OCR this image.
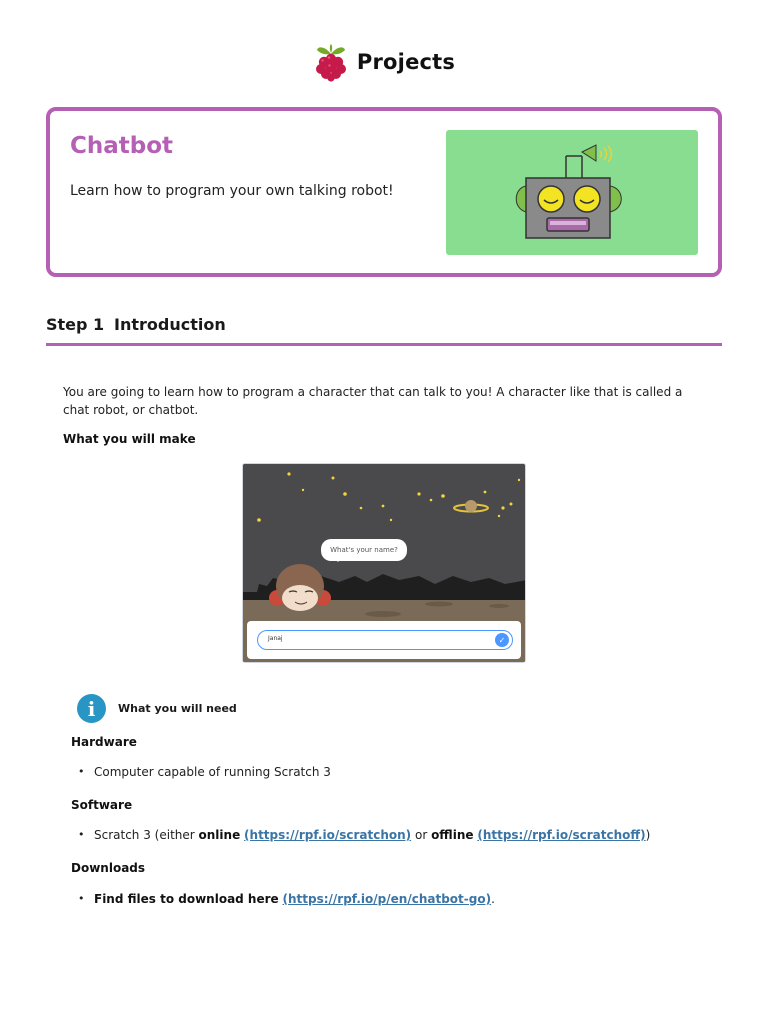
Projects
Chatbot

Learn how to program your own talking robot!

Step 1 Introduction

You are going to learn how to program a character that can talk to you! A character like that is called a chat robot, or chatbot.

What you will make
What's your name?
Janaj	✓
i	What you will need
Hardware
• Computer capable of running Scratch 3
Software
• Scratch 3 (either online (https://rpf.io/scratchon) or offline (https://rpf.io/scratchoff))
Downloads
• Find files to download here (https://rpf.io/p/en/chatbot-go).
